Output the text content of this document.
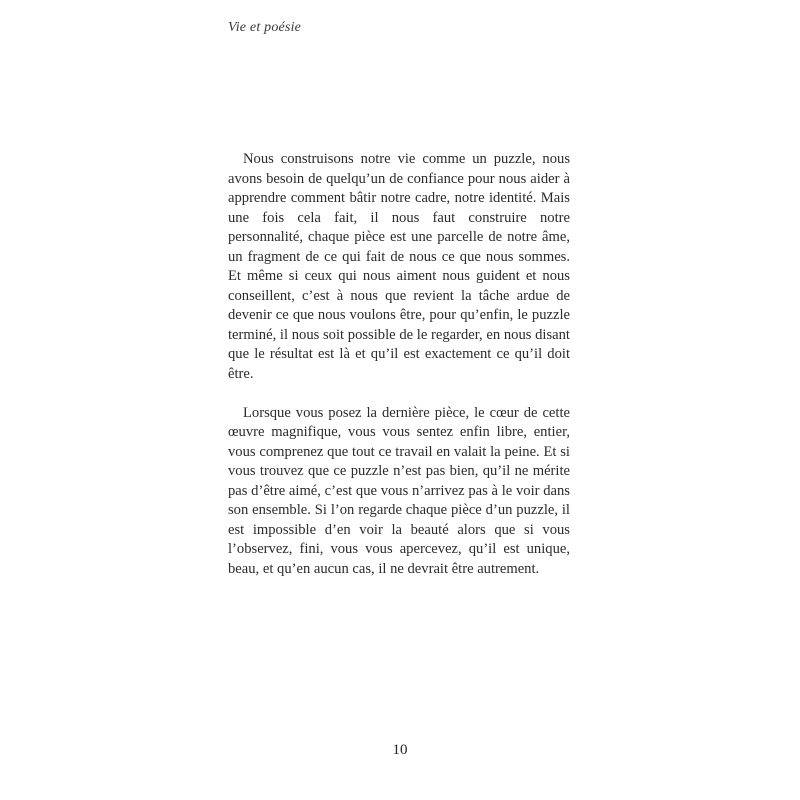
Vie et poésie

Nous construisons notre vie comme un puzzle, nous avons besoin de quelqu’un de confiance pour nous aider à apprendre comment bâtir notre cadre, notre identité. Mais une fois cela fait, il nous faut construire notre personnalité, chaque pièce est une parcelle de notre âme, un fragment de ce qui fait de nous ce que nous sommes. Et même si ceux qui nous aiment nous guident et nous conseillent, c’est à nous que revient la tâche ardue de devenir ce que nous voulons être, pour qu’enfin, le puzzle terminé, il nous soit possible de le regarder, en nous disant que le résultat est là et qu’il est exactement ce qu’il doit être.

Lorsque vous posez la dernière pièce, le cœur de cette œuvre magnifique, vous vous sentez enfin libre, entier, vous comprenez que tout ce travail en valait la peine. Et si vous trouvez que ce puzzle n’est pas bien, qu’il ne mérite pas d’être aimé, c’est que vous n’arrivez pas à le voir dans son ensemble. Si l’on regarde chaque pièce d’un puzzle, il est impossible d’en voir la beauté alors que si vous l’observez, fini, vous vous apercevez, qu’il est unique, beau, et qu’en aucun cas, il ne devrait être autrement.

10
